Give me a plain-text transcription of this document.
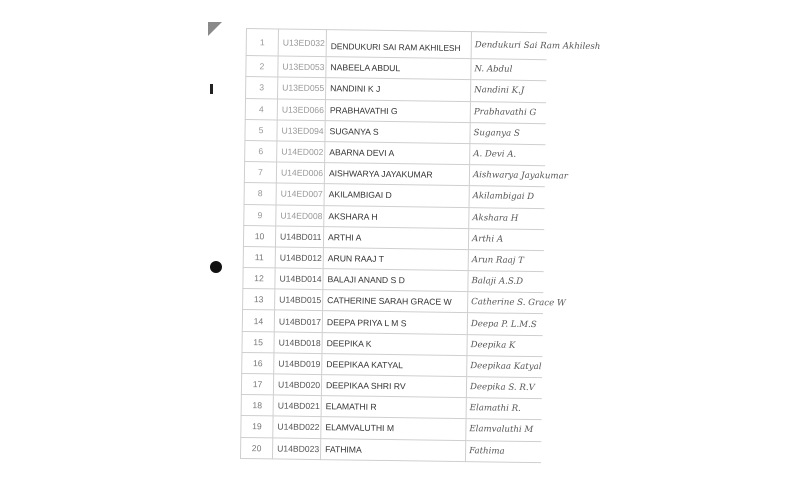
1	U13ED032	DENDUKURI SAI RAM AKHILESH	Dendukuri Sai Ram Akhilesh
2	U13ED053	NABEELA ABDUL	N. Abdul
3	U13ED055	NANDINI K J	Nandini K.J
4	U13ED066	PRABHAVATHI G	Prabhavathi G
5	U13ED094	SUGANYA S	Suganya S
6	U14ED002	ABARNA DEVI A	A. Devi A.
7	U14ED006	AISHWARYA JAYAKUMAR	Aishwarya Jayakumar
8	U14ED007	AKILAMBIGAI D	Akilambigai D
9	U14ED008	AKSHARA H	Akshara H
10	U14BD011	ARTHI A	Arthi A
11	U14BD012	ARUN RAAJ T	Arun Raaj T
12	U14BD014	BALAJI ANAND S D	Balaji A.S.D
13	U14BD015	CATHERINE SARAH GRACE W	Catherine S. Grace W
14	U14BD017	DEEPA PRIYA L M S	Deepa P. L.M.S
15	U14BD018	DEEPIKA K	Deepika K
16	U14BD019	DEEPIKAA KATYAL	Deepikaa Katyal
17	U14BD020	DEEPIKAA SHRI RV	Deepika S. R.V
18	U14BD021	ELAMATHI R	Elamathi R.
19	U14BD022	ELAMVALUTHI M	Elamvaluthi M
20	U14BD023	FATHIMA	Fathima
